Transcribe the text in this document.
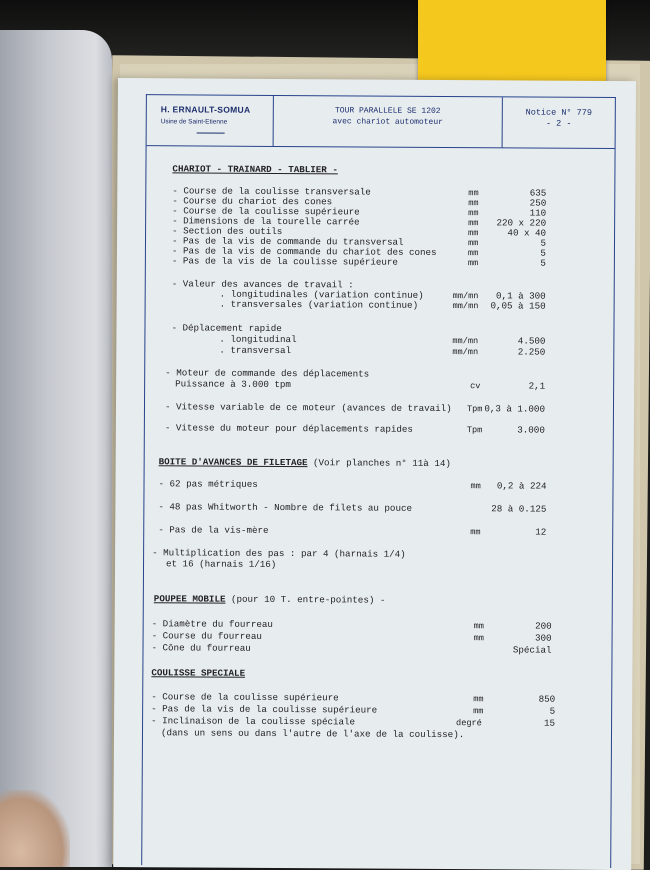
H. ERNAULT-SOMUA
Usine de Saint-Etienne
TOUR PARALLELE SE 1202
avec chariot automoteur
Notice N° 779
- 2 -
CHARIOT - TRAINARD - TABLIER -
- Course de la coulisse transversale	mm	635
- Course du chariot des cones	mm	250
- Course de la coulisse supérieure	mm	110
- Dimensions de la tourelle carrée	mm	220 x 220
- Section des outils	mm	40 x 40
- Pas de la vis de commande du transversal	mm	5
- Pas de la vis de commande du chariot des cones	mm	5
- Pas de la vis de la coulisse supérieure	mm	5
- Valeur des avances de travail :
. longitudinales (variation continue)	mm/mn	0,1 à 300
. transversales (variation continue)	mm/mn	0,05 à 150
- Déplacement rapide
. longitudinal	mm/mn	4.500
. transversal	mm/mn	2.250
- Moteur de commande des déplacements
Puissance à 3.000 tpm	cv	2,1
- Vitesse variable de ce moteur (avances de travail) Tpm 0,3 à 1.000
- Vitesse du moteur pour déplacements rapides	Tpm	3.000
BOITE D'AVANCES DE FILETAGE (Voir planches n° 11à 14)
- 62 pas métriques	mm	0,2 à 224
- 48 pas Whitworth - Nombre de filets au pouce	28 à 0.125
- Pas de la vis-mère	mm	12
- Multiplication des pas : par 4 (harnais 1/4)
et 16 (harnais 1/16)
POUPEE MOBILE (pour 10 T. entre-pointes) -
- Diamètre du fourreau	mm	200
- Course du fourreau	mm	300
- Cône du fourreau	Spécial
COULISSE SPECIALE
- Course de la coulisse supérieure	mm	850
- Pas de la vis de la coulisse supérieure	mm	5
- Inclinaison de la coulisse spéciale	degré	15
(dans un sens ou dans l'autre de l'axe de la coulisse).
